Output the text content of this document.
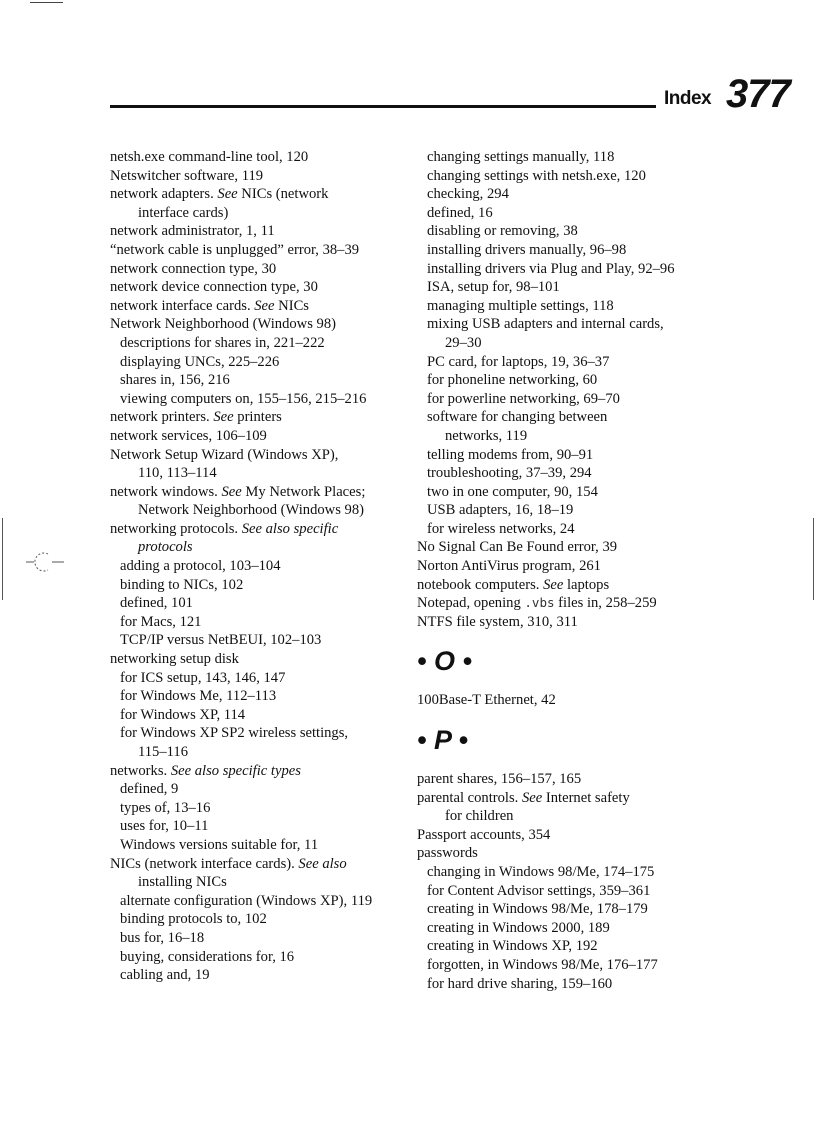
Index 377
netsh.exe command-line tool, 120
Netswitcher software, 119
network adapters. See NICs (network
interface cards)
network administrator, 1, 11
“network cable is unplugged” error, 38–39
network connection type, 30
network device connection type, 30
network interface cards. See NICs
Network Neighborhood (Windows 98)
descriptions for shares in, 221–222
displaying UNCs, 225–226
shares in, 156, 216
viewing computers on, 155–156, 215–216
network printers. See printers
network services, 106–109
Network Setup Wizard (Windows XP),
110, 113–114
network windows. See My Network Places;
Network Neighborhood (Windows 98)
networking protocols. See also specific
protocols
adding a protocol, 103–104
binding to NICs, 102
defined, 101
for Macs, 121
TCP/IP versus NetBEUI, 102–103
networking setup disk
for ICS setup, 143, 146, 147
for Windows Me, 112–113
for Windows XP, 114
for Windows XP SP2 wireless settings,
115–116
networks. See also specific types
defined, 9
types of, 13–16
uses for, 10–11
Windows versions suitable for, 11
NICs (network interface cards). See also
installing NICs
alternate configuration (Windows XP), 119
binding protocols to, 102
bus for, 16–18
buying, considerations for, 16
cabling and, 19
changing settings manually, 118
changing settings with netsh.exe, 120
checking, 294
defined, 16
disabling or removing, 38
installing drivers manually, 96–98
installing drivers via Plug and Play, 92–96
ISA, setup for, 98–101
managing multiple settings, 118
mixing USB adapters and internal cards,
29–30
PC card, for laptops, 19, 36–37
for phoneline networking, 60
for powerline networking, 69–70
software for changing between
networks, 119
telling modems from, 90–91
troubleshooting, 37–39, 294
two in one computer, 90, 154
USB adapters, 16, 18–19
for wireless networks, 24
No Signal Can Be Found error, 39
Norton AntiVirus program, 261
notebook computers. See laptops
Notepad, opening .vbs files in, 258–259
NTFS file system, 310, 311
• O •
100Base-T Ethernet, 42
• P •
parent shares, 156–157, 165
parental controls. See Internet safety
for children
Passport accounts, 354
passwords
changing in Windows 98/Me, 174–175
for Content Advisor settings, 359–361
creating in Windows 98/Me, 178–179
creating in Windows 2000, 189
creating in Windows XP, 192
forgotten, in Windows 98/Me, 176–177
for hard drive sharing, 159–160
